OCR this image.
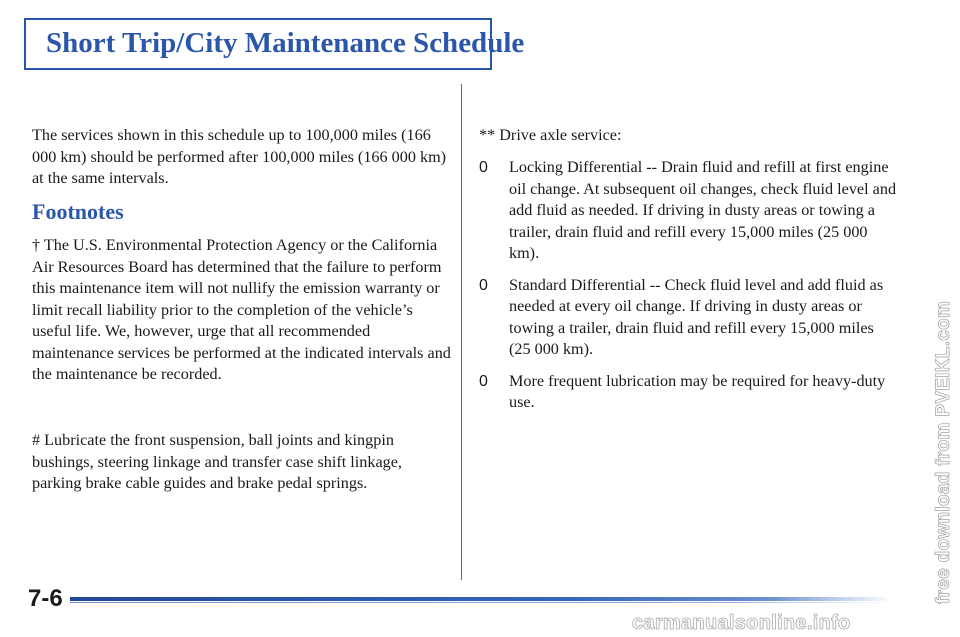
Short Trip/City Maintenance Schedule

The services shown in this schedule up to 100,000 miles (166 000 km) should be performed after 100,000 miles (166 000 km) at the same intervals.

Footnotes

† The U.S. Environmental Protection Agency or the California Air Resources Board has determined that the failure to perform this maintenance item will not nullify the emission warranty or limit recall liability prior to the completion of the vehicle’s useful life. We, however, urge that all recommended maintenance services be performed at the indicated intervals and the maintenance be recorded.

# Lubricate the front suspension, ball joints and kingpin bushings, steering linkage and transfer case shift linkage, parking brake cable guides and brake pedal springs.

** Drive axle service:
0 Locking Differential -- Drain fluid and refill at first engine oil change. At subsequent oil changes, check fluid level and add fluid as needed. If driving in dusty areas or towing a trailer, drain fluid and refill every 15,000 miles (25 000 km).
0 Standard Differential -- Check fluid level and add fluid as needed at every oil change. If driving in dusty areas or towing a trailer, drain fluid and refill every 15,000 miles (25 000 km).
0 More frequent lubrication may be required for heavy-duty use.
7-6	free download from PVEIKL.com
carmanualsonline.info
